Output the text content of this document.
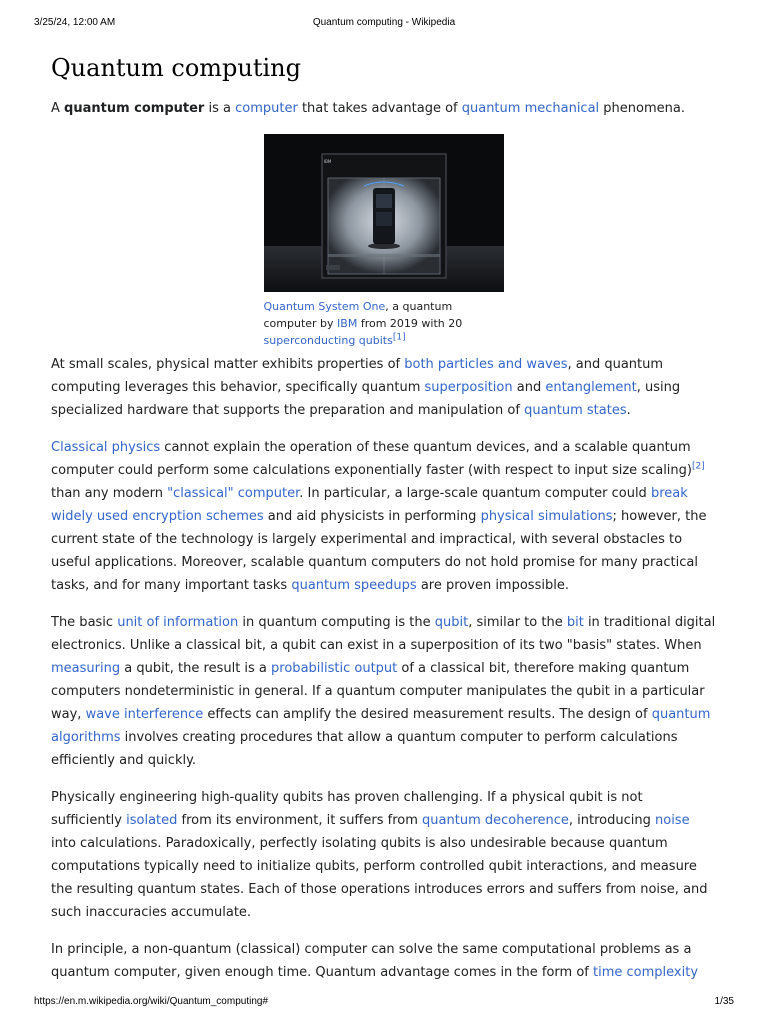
3/25/24, 12:00 AM	Quantum computing - Wikipedia
Quantum computing

A quantum computer is a computer that takes advantage of quantum mechanical phenomena.

IBM
Quantum System One, a quantum computer by IBM from 2019 with 20 superconducting qubits[1]

At small scales, physical matter exhibits properties of both particles and waves, and quantum computing leverages this behavior, specifically quantum superposition and entanglement, using specialized hardware that supports the preparation and manipulation of quantum states.

Classical physics cannot explain the operation of these quantum devices, and a scalable quantum computer could perform some calculations exponentially faster (with respect to input size scaling)[2] than any modern "classical" computer. In particular, a large-scale quantum computer could break widely used encryption schemes and aid physicists in performing physical simulations; however, the current state of the technology is largely experimental and impractical, with several obstacles to useful applications. Moreover, scalable quantum computers do not hold promise for many practical tasks, and for many important tasks quantum speedups are proven impossible.

The basic unit of information in quantum computing is the qubit, similar to the bit in traditional digital electronics. Unlike a classical bit, a qubit can exist in a superposition of its two "basis" states. When measuring a qubit, the result is a probabilistic output of a classical bit, therefore making quantum computers nondeterministic in general. If a quantum computer manipulates the qubit in a particular way, wave interference effects can amplify the desired measurement results. The design of quantum algorithms involves creating procedures that allow a quantum computer to perform calculations efficiently and quickly.

Physically engineering high-quality qubits has proven challenging. If a physical qubit is not sufficiently isolated from its environment, it suffers from quantum decoherence, introducing noise into calculations. Paradoxically, perfectly isolating qubits is also undesirable because quantum computations typically need to initialize qubits, perform controlled qubit interactions, and measure the resulting quantum states. Each of those operations introduces errors and suffers from noise, and such inaccuracies accumulate.

In principle, a non-quantum (classical) computer can solve the same computational problems as a quantum computer, given enough time. Quantum advantage comes in the form of time complexity

https://en.m.wikipedia.org/wiki/Quantum_computing#	1/35
